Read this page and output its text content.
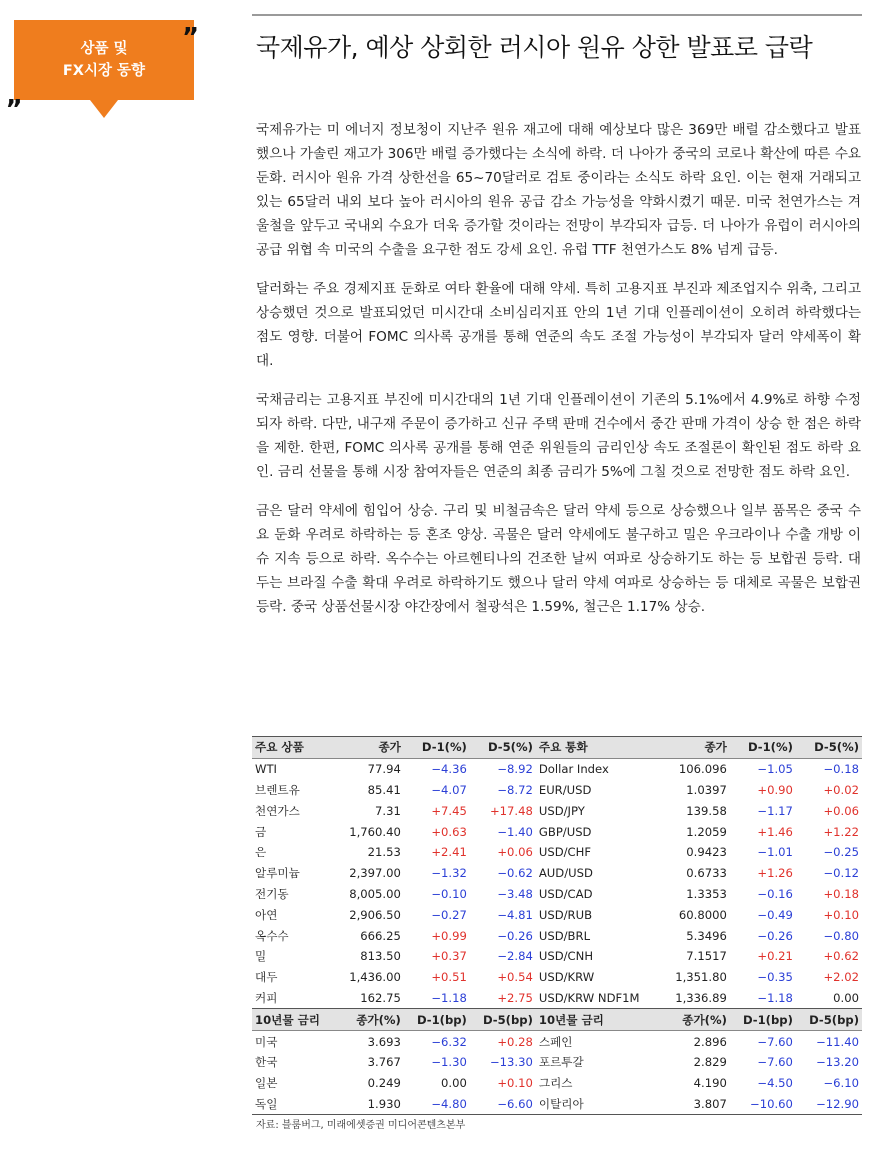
상품 및
FX시장 동향
„
” 국제유가, 예상 상회한 러시아 원유 상한 발표로 급락

국제유가는 미 에너지 정보청이 지난주 원유 재고에 대해 예상보다 많은 369만 배럴 감소했다고 발표했으나 가솔린 재고가 306만 배럴 증가했다는 소식에 하락. 더 나아가 중국의 코로나 확산에 따른 수요 둔화. 러시아 원유 가격 상한선을 65~70달러로 검토 중이라는 소식도 하락 요인. 이는 현재 거래되고 있는 65달러 내외 보다 높아 러시아의 원유 공급 감소 가능성을 약화시켰기 때문. 미국 천연가스는 겨울철을 앞두고 국내외 수요가 더욱 증가할 것이라는 전망이 부각되자 급등. 더 나아가 유럽이 러시아의 공급 위협 속 미국의 수출을 요구한 점도 강세 요인. 유럽 TTF 천연가스도 8% 넘게 급등.

달러화는 주요 경제지표 둔화로 여타 환율에 대해 약세. 특히 고용지표 부진과 제조업지수 위축, 그리고 상승했던 것으로 발표되었던 미시간대 소비심리지표 안의 1년 기대 인플레이션이 오히려 하락했다는 점도 영향. 더불어 FOMC 의사록 공개를 통해 연준의 속도 조절 가능성이 부각되자 달러 약세폭이 확대.

국채금리는 고용지표 부진에 미시간대의 1년 기대 인플레이션이 기존의 5.1%에서 4.9%로 하향 수정되자 하락. 다만, 내구재 주문이 증가하고 신규 주택 판매 건수에서 중간 판매 가격이 상승 한 점은 하락을 제한. 한편, FOMC 의사록 공개를 통해 연준 위원들의 금리인상 속도 조절론이 확인된 점도 하락 요인. 금리 선물을 통해 시장 참여자들은 연준의 최종 금리가 5%에 그칠 것으로 전망한 점도 하락 요인.

금은 달러 약세에 힘입어 상승. 구리 및 비철금속은 달러 약세 등으로 상승했으나 일부 품목은 중국 수요 둔화 우려로 하락하는 등 혼조 양상. 곡물은 달러 약세에도 불구하고 밀은 우크라이나 수출 개방 이슈 지속 등으로 하락. 옥수수는 아르헨티나의 건조한 날씨 여파로 상승하기도 하는 등 보합권 등락. 대두는 브라질 수출 확대 우려로 하락하기도 했으나 달러 약세 여파로 상승하는 등 대체로 곡물은 보합권 등락. 중국 상품선물시장 야간장에서 철광석은 1.59%, 철근은 1.17% 상승.

주요 상품	종가	D-1(%)	D-5(%)	주요 통화	종가	D-1(%)	D-5(%)
WTI	77.94	−4.36	−8.92	Dollar Index	106.096	−1.05	−0.18
브렌트유	85.41	−4.07	−8.72	EUR/USD	1.0397	+0.90	+0.02
천연가스	7.31	+7.45	+17.48	USD/JPY	139.58	−1.17	+0.06
금	1,760.40	+0.63	−1.40	GBP/USD	1.2059	+1.46	+1.22
은	21.53	+2.41	+0.06	USD/CHF	0.9423	−1.01	−0.25
알루미늄	2,397.00	−1.32	−0.62	AUD/USD	0.6733	+1.26	−0.12
전기동	8,005.00	−0.10	−3.48	USD/CAD	1.3353	−0.16	+0.18
아연	2,906.50	−0.27	−4.81	USD/RUB	60.8000	−0.49	+0.10
옥수수	666.25	+0.99	−0.26	USD/BRL	5.3496	−0.26	−0.80
밀	813.50	+0.37	−2.84	USD/CNH	7.1517	+0.21	+0.62
대두	1,436.00	+0.51	+0.54	USD/KRW	1,351.80	−0.35	+2.02
커피	162.75	−1.18	+2.75	USD/KRW NDF1M	1,336.89	−1.18	0.00
10년물 금리	종가(%)	D-1(bp)	D-5(bp)	10년물 금리	종가(%)	D-1(bp)	D-5(bp)
미국	3.693	−6.32	+0.28	스페인	2.896	−7.60	−11.40
한국	3.767	−1.30	−13.30	포르투갈	2.829	−7.60	−13.20
일본	0.249	0.00	+0.10	그리스	4.190	−4.50	−6.10
독일	1.930	−4.80	−6.60	이탈리아	3.807	−10.60	−12.90
자료: 블룸버그, 미래에셋증권 미디어콘텐츠본부
